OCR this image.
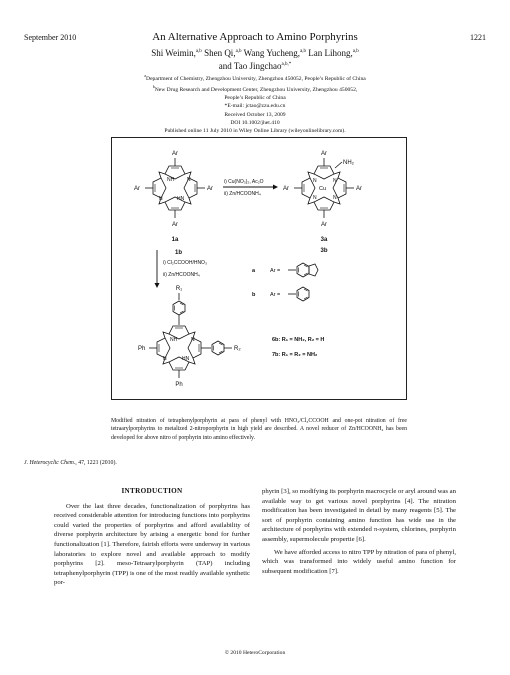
September 2010	An Alternative Approach to Amino Porphyrins	1221
Shi Weimin,$^{a,b}$ Shen Qi,$^{a,b}$ Wang Yucheng,$^{a,b}$ Lan Lihong,$^{a,b}$
and Tao Jingchao$^{a,b,*}$
$^a$Department of Chemistry, Zhengzhou University, Zhengzhou 450052, People’s Republic of China
$^b$New Drug Research and Development Center, Zhengzhou University, Zhengzhou 450052,
People’s Republic of China
*E-mail: jctao@zzu.edu.cn
Received October 13, 2009
DOI 10.1002/jhet.410
Published online 11 July 2010 in Wiley Online Library (wileyonlinelibrary.com).
Ar
Ar
Ar	Ar
NH
HN
N
N
1a
i) Cu(NO₃)₂, Ac₂O
ii) Zn/HCOONH₄
Ar
Ar
Ar	Ar
NH₂
Cu
N	N
N	N
3a
3b
1b
i) Cl₂CCOOH/HNO₃
ii) Zn/HCOONH₄
a	Ar =
b	Ar =
R₁
R₂
Ph
Ph
NH
HN
N
N	6b: R₁ = NH₂, R₂ = H
7b: R₁ = R₂ = NH₂
Modified nitration of tetraphenylporphyrin at para of phenyl with HNO₃/Cl₃CCOOH and one-pot nitration of free tetraarylporphyrins to metalized 2-nitroporphyrin in high yield are described. A novel reducer of Zn/HCOONH₄ has been developed for above nitro of porphyrin into amino effectively.
J. Heterocyclic Chem., 47, 1221 (2010).
INTRODUCTION

Over the last three decades, functionalization of porphyrins has received considerable attention for introducing functions into porphyrins could varied the properties of porphyrins and afford availability of diverse porphyrin architecture by arising a energetic bond for further functionalization [1]. Therefore, fairish efforts were underway in various laboratories to explore novel and available approach to modify porphyrins [2]. meso-Tetraarylporphyrin (TAP) including tetraphenylporphyrin (TPP) is one of the most readily available synthetic por-

phyrin [3], so modifying its porphyrin macrocycle or aryl around was an available way to get various novel porphyrins [4]. The nitration modification has been investigated in detail by many reagents [5]. The sort of porphyrin containing amino function has wide use in the architecture of porphyrins with extended π-system, chlorines, porphyrin assembly, supermolecule propertie [6].

We have afforded access to nitro TPP by nitration of para of phenyl, which was transformed into widely useful amino function for subsequent modification [7].

© 2010 HeteroCorporation
